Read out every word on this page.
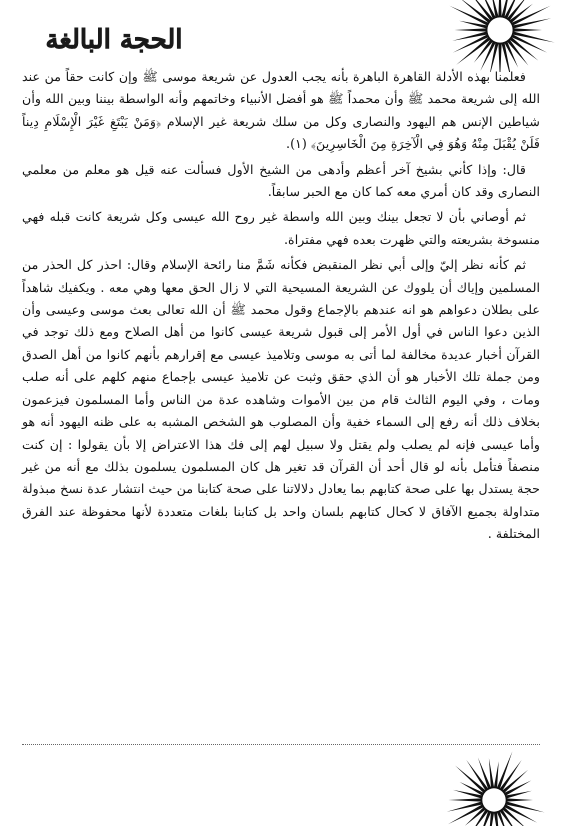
الحجة البالغة

فعلمنا بهذه الأدلة القاهرة الباهرة بأنه يجب العدول عن شريعة موسى ﷺ وإن كانت حقاً من عند الله إلى شريعة محمد ﷺ وأن محمداً ﷺ هو أفضل الأنبياء وخاتمهم وأنه الواسطة بيننا وبين الله وأن شياطين الإنس هم اليهود والنصارى وكل من سلك شريعة غير الإسلام ﴿وَمَنْ يَبْتَغِ غَيْرَ الْإِسْلَامِ دِيناً فَلَنْ يُقْبَلَ مِنْهُ وَهُوَ فِي الْآخِرَةِ مِنَ الْخَاسِرِينَ﴾ (١).

قال: وإذا كأني بشيخ آخر أعظم وأدهى من الشيخ الأول فسألت عنه قيل هو معلم من معلمي النصارى وقد كان أمري معه كما كان مع الحبر سابقاً.

ثم أوصاني بأن لا تجعل بينك وبين الله واسطة غير روح الله عيسى وكل شريعة كانت قبله فهي منسوخة بشريعته والتي ظهرت بعده فهي مفتراة.

ثم كأنه نظر إليّ وإلى أبي نظر المنقبض فكأنه شَمَّ منا رائحة الإسلام وقال: احذر كل الحذر من المسلمين وإياك أن يلووك عن الشريعة المسيحية التي لا زال الحق معها وهي معه . ويكفيك شاهداً على بطلان دعواهم هو انه عندهم بالإجماع وقول محمد ﷺ أن الله تعالى بعث موسى وعيسى وأن الذين دعوا الناس في أول الأمر إلى قبول شريعة عيسى كانوا من أهل الصلاح ومع ذلك توجد في القرآن أخبار عديدة مخالفة لما أتى به موسى وتلاميذ عيسى مع إقرارهم بأنهم كانوا من أهل الصدق ومن جملة تلك الأخبار هو أن الذي حقق وثبت عن تلاميذ عيسى بإجماع منهم كلهم على أنه صلب ومات ، وفي اليوم الثالث قام من بين الأموات وشاهده عدة من الناس وأما المسلمون فيزعمون بخلاف ذلك أنه رفع إلى السماء خفية وأن المصلوب هو الشخص المشبه به على ظنه اليهود أنه هو وأما عيسى فإنه لم يصلب ولم يقتل ولا سبيل لهم إلى فك هذا الاعتراض إلا بأن يقولوا : إن كنت منصفاً فتأمل بأنه لو قال أحد أن القرآن قد تغير هل كان المسلمون يسلمون بذلك مع أنه من غير حجة يستدل بها على صحة كتابهم بما يعادل دلالاتنا على صحة كتابنا من حيث انتشار عدة نسخ مبذولة متداولة بجميع الآفاق لا كحال كتابهم بلسان واحد بل كتابنا بلغات متعددة لأنها محفوظة عند الفرق المختلفة .
